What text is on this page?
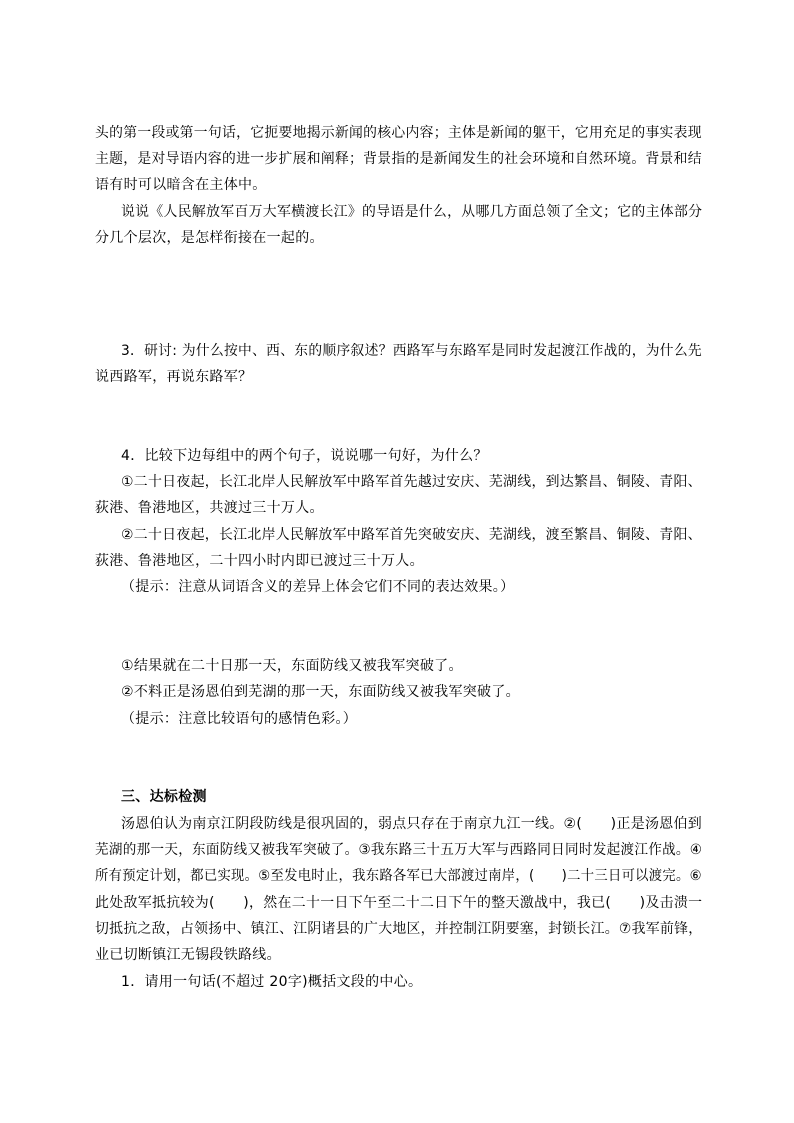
头的第一段或第一句话，它扼要地揭示新闻的核心内容；主体是新闻的躯干，它用充足的事实表现
主题，是对导语内容的进一步扩展和阐释；背景指的是新闻发生的社会环境和自然环境。背景和结
语有时可以暗含在主体中。
说说《人民解放军百万大军横渡长江》的导语是什么，从哪几方面总领了全文；它的主体部分
分几个层次，是怎样衔接在一起的。
3．研讨: 为什么按中、西、东的顺序叙述？西路军与东路军是同时发起渡江作战的，为什么先
说西路军，再说东路军？
4．比较下边每组中的两个句子，说说哪一句好，为什么？
①二十日夜起，长江北岸人民解放军中路军首先越过安庆、芜湖线，到达繁昌、铜陵、青阳、
荻港、鲁港地区，共渡过三十万人。
②二十日夜起，长江北岸人民解放军中路军首先突破安庆、芜湖线，渡至繁昌、铜陵、青阳、
荻港、鲁港地区，二十四小时内即已渡过三十万人。
（提示：注意从词语含义的差异上体会它们不同的表达效果。）
①结果就在二十日那一天，东面防线又被我军突破了。
②不料正是汤恩伯到芜湖的那一天，东面防线又被我军突破了。
（提示：注意比较语句的感情色彩。）
三、达标检测
汤恩伯认为南京江阴段防线是很巩固的，弱点只存在于南京九江一线。②(　　)正是汤恩伯到
芜湖的那一天，东面防线又被我军突破了。③我东路三十五万大军与西路同日同时发起渡江作战。④
所有预定计划，都已实现。⑤至发电时止，我东路各军已大部渡过南岸，(　　)二十三日可以渡完。⑥
此处敌军抵抗较为(　　)，然在二十一日下午至二十二日下午的整天激战中，我已(　　)及击溃一
切抵抗之敌，占领扬中、镇江、江阴诸县的广大地区，并控制江阴要塞，封锁长江。⑦我军前锋，
业已切断镇江无锡段铁路线。
1．请用一句话(不超过 20字)概括文段的中心。
